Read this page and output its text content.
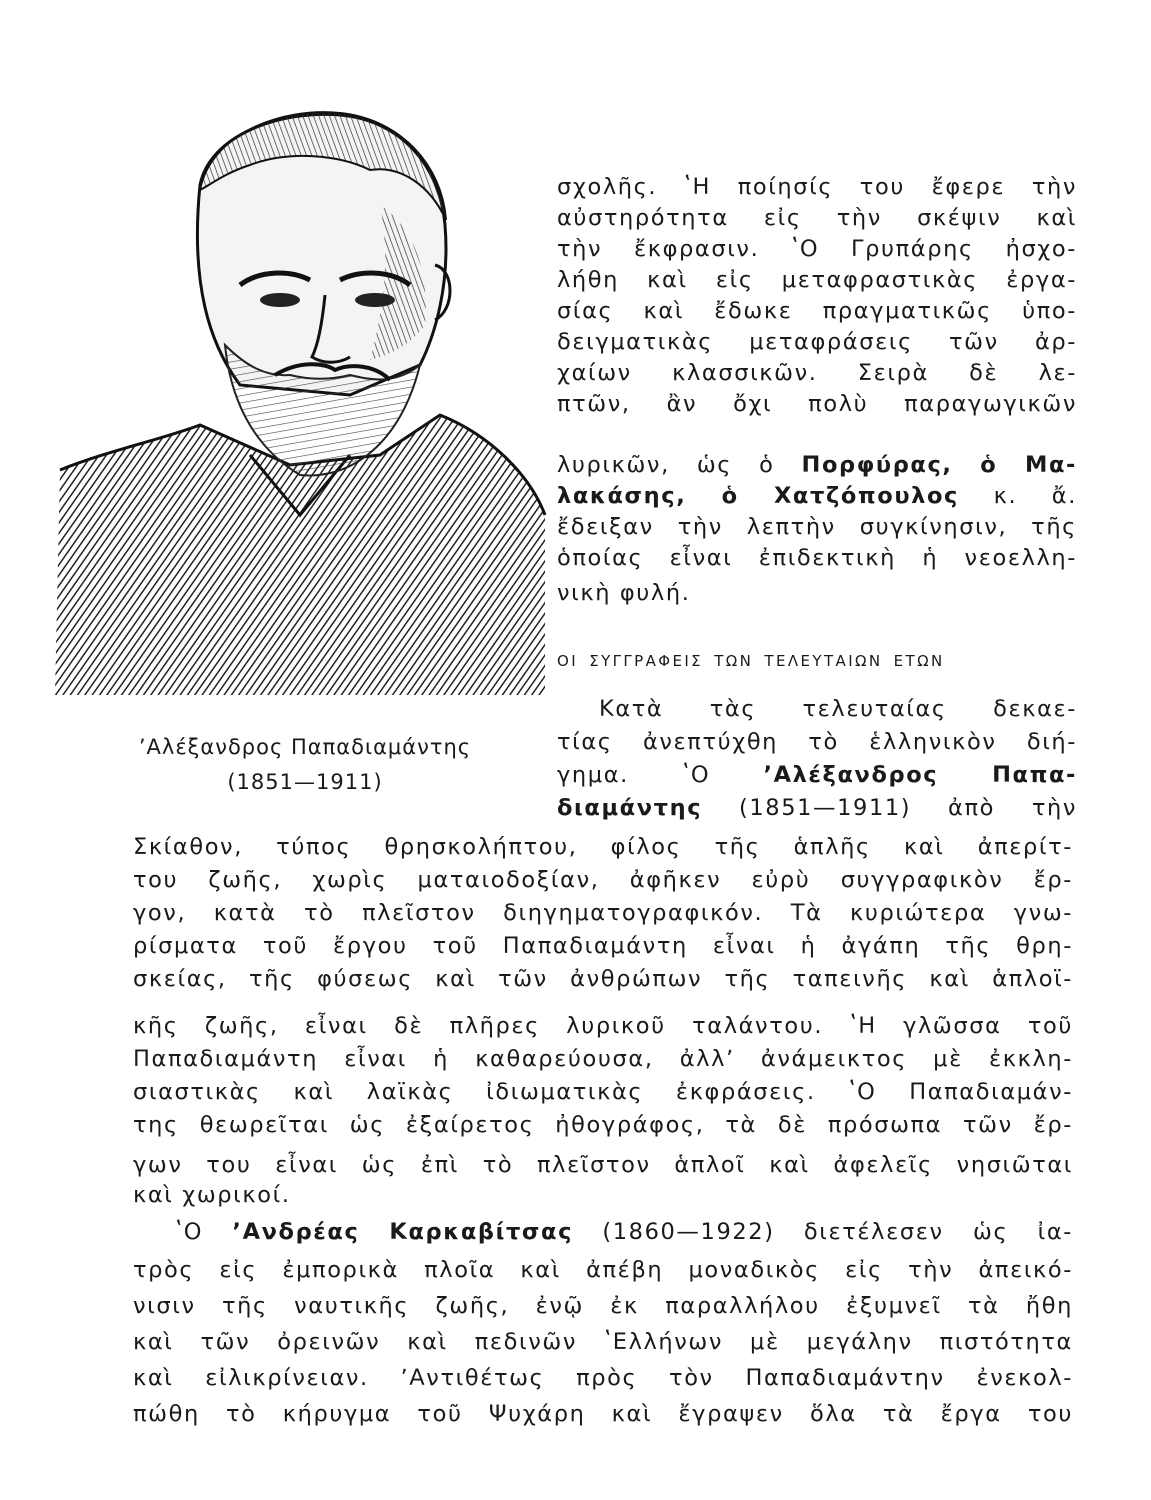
ʼΑλέξανδρος Παπαδιαμάντης
(1851—1911)
σχολῆς. ʽΗ ποίησίς του ἔφερε τὴν
αὐστηρότητα εἰς τὴν σκέψιν καὶ
τὴν ἔκφρασιν. ʽΟ Γρυπάρης ἠσχο-
λήθη καὶ εἰς μεταφραστικὰς ἐργα-
σίας καὶ ἔδωκε πραγματικῶς ὑπο-
δειγματικὰς μεταφράσεις τῶν ἀρ-
χαίων κλασσικῶν. Σειρὰ δὲ λε-
πτῶν, ἂν ὄχι πολὺ παραγωγικῶν
λυρικῶν, ὡς ὁ Πορφύρας, ὁ Μα-
λακάσης, ὁ Χατζόπουλος κ. ἄ.
ἔδειξαν τὴν λεπτὴν συγκίνησιν, τῆς
ὁποίας εἶναι ἐπιδεκτικὴ ἡ νεοελλη-
νικὴ φυλή.
ΟΙ ΣΥΓΓΡΑΦΕΙΣ ΤΩΝ ΤΕΛΕΥΤΑΙΩΝ ΕΤΩΝ
Κατὰ τὰς τελευταίας δεκαε-
τίας ἀνεπτύχθη τὸ ἑλληνικὸν διή-
γημα. ʽΟ ʼΑλέξανδρος Παπα-
διαμάντης (1851—1911) ἀπὸ τὴν
Σκίαθον, τύπος θρησκολήπτου, φίλος τῆς ἁπλῆς καὶ ἀπερίτ-
του ζωῆς, χωρὶς ματαιοδοξίαν, ἀφῆκεν εὐρὺ συγγραφικὸν ἔρ-
γον, κατὰ τὸ πλεῖστον διηγηματογραφικόν. Τὰ κυριώτερα γνω-
ρίσματα τοῦ ἔργου τοῦ Παπαδιαμάντη εἶναι ἡ ἀγάπη τῆς θρη-
σκείας, τῆς φύσεως καὶ τῶν ἀνθρώπων τῆς ταπεινῆς καὶ ἁπλοϊ-
κῆς ζωῆς, εἶναι δὲ πλῆρες λυρικοῦ ταλάντου. ʽΗ γλῶσσα τοῦ
Παπαδιαμάντη εἶναι ἡ καθαρεύουσα, ἀλλʼ ἀνάμεικτος μὲ ἐκκλη-
σιαστικὰς καὶ λαϊκὰς ἰδιωματικὰς ἐκφράσεις. ʽΟ Παπαδιαμάν-
της θεωρεῖται ὡς ἐξαίρετος ἠθογράφος, τὰ δὲ πρόσωπα τῶν ἔρ-
γων του εἶναι ὡς ἐπὶ τὸ πλεῖστον ἁπλοῖ καὶ ἀφελεῖς νησιῶται
καὶ χωρικοί.
ʽΟ ʼΑνδρέας Καρκαβίτσας (1860—1922) διετέλεσεν ὡς ἰα-
τρὸς εἰς ἐμπορικὰ πλοῖα καὶ ἀπέβη μοναδικὸς εἰς τὴν ἀπεικό-
νισιν τῆς ναυτικῆς ζωῆς, ἐνῷ ἐκ παραλλήλου ἐξυμνεῖ τὰ ἤθη
καὶ τῶν ὀρεινῶν καὶ πεδινῶν ʽΕλλήνων μὲ μεγάλην πιστότητα
καὶ εἰλικρίνειαν. ʼΑντιθέτως πρὸς τὸν Παπαδιαμάντην ἐνεκολ-
πώθη τὸ κήρυγμα τοῦ Ψυχάρη καὶ ἔγραψεν ὅλα τὰ ἔργα του
